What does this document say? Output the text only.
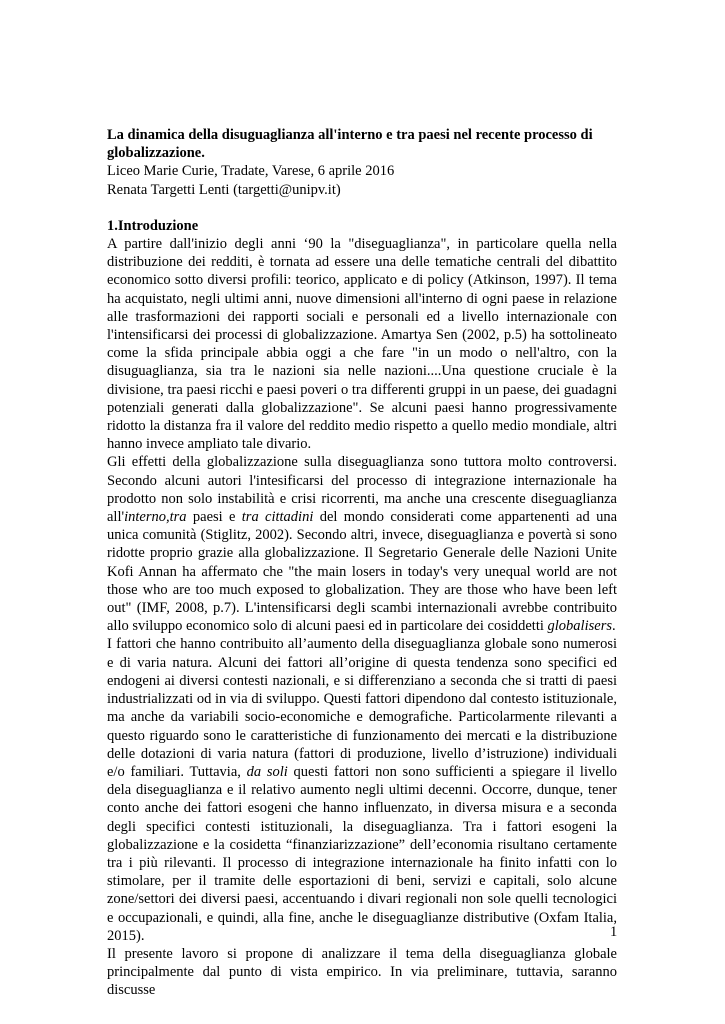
La dinamica della disuguaglianza all'interno e tra paesi nel recente processo di globalizzazione.

Liceo Marie Curie, Tradate, Varese, 6 aprile 2016

Renata Targetti Lenti (targetti@unipv.it)

1.Introduzione

A partire dall'inizio degli anni ‘90 la "diseguaglianza", in particolare quella nella distribuzione dei redditi, è tornata ad essere una delle tematiche centrali del dibattito economico sotto diversi profili: teorico, applicato e di policy (Atkinson, 1997). Il tema ha acquistato, negli ultimi anni, nuove dimensioni all'interno di ogni paese in relazione alle trasformazioni dei rapporti sociali e personali ed a livello internazionale con l'intensificarsi dei processi di globalizzazione. Amartya Sen (2002, p.5) ha sottolineato come la sfida principale abbia oggi a che fare "in un modo o nell'altro, con la disuguaglianza, sia tra le nazioni sia nelle nazioni....Una questione cruciale è la divisione, tra paesi ricchi e paesi poveri o tra differenti gruppi in un paese, dei guadagni potenziali generati dalla globalizzazione". Se alcuni paesi hanno progressivamente ridotto la distanza fra il valore del reddito medio rispetto a quello medio mondiale, altri hanno invece ampliato tale divario.

Gli effetti della globalizzazione sulla diseguaglianza sono tuttora molto controversi. Secondo alcuni autori l'intesificarsi del processo di integrazione internazionale ha prodotto non solo instabilità e crisi ricorrenti, ma anche una crescente diseguaglianza all'interno,tra paesi e tra cittadini del mondo considerati come appartenenti ad una unica comunità (Stiglitz, 2002). Secondo altri, invece, diseguaglianza e povertà si sono ridotte proprio grazie alla globalizzazione. Il Segretario Generale delle Nazioni Unite Kofi Annan ha affermato che "the main losers in today's very unequal world are not those who are too much exposed to globalization. They are those who have been left out" (IMF, 2008, p.7). L'intensificarsi degli scambi internazionali avrebbe contribuito allo sviluppo economico solo di alcuni paesi ed in particolare dei cosiddetti globalisers.

I fattori che hanno contribuito all’aumento della diseguaglianza globale sono numerosi e di varia natura. Alcuni dei fattori all’origine di questa tendenza sono specifici ed endogeni ai diversi contesti nazionali, e si differenziano a seconda che si tratti di paesi industrializzati od in via di sviluppo. Questi fattori dipendono dal contesto istituzionale, ma anche da variabili socio-economiche e demografiche. Particolarmente rilevanti a questo riguardo sono le caratteristiche di funzionamento dei mercati e la distribuzione delle dotazioni di varia natura (fattori di produzione, livello d’istruzione) individuali e/o familiari. Tuttavia, da soli questi fattori non sono sufficienti a spiegare il livello dela diseguaglianza e il relativo aumento negli ultimi decenni. Occorre, dunque, tener conto anche dei fattori esogeni che hanno influenzato, in diversa misura e a seconda degli specifici contesti istituzionali, la diseguaglianza. Tra i fattori esogeni la globalizzazione e la cosidetta “finanziarizzazione” dell’economia risultano certamente tra i più rilevanti. Il processo di integrazione internazionale ha finito infatti con lo stimolare, per il tramite delle esportazioni di beni, servizi e capitali, solo alcune zone/settori dei diversi paesi, accentuando i divari regionali non sole quelli tecnologici e occupazionali, e quindi, alla fine, anche le diseguaglianze distributive (Oxfam Italia, 2015).

Il presente lavoro si propone di analizzare il tema della diseguaglianza globale principalmente dal punto di vista empirico. In via preliminare, tuttavia, saranno discusse

1
